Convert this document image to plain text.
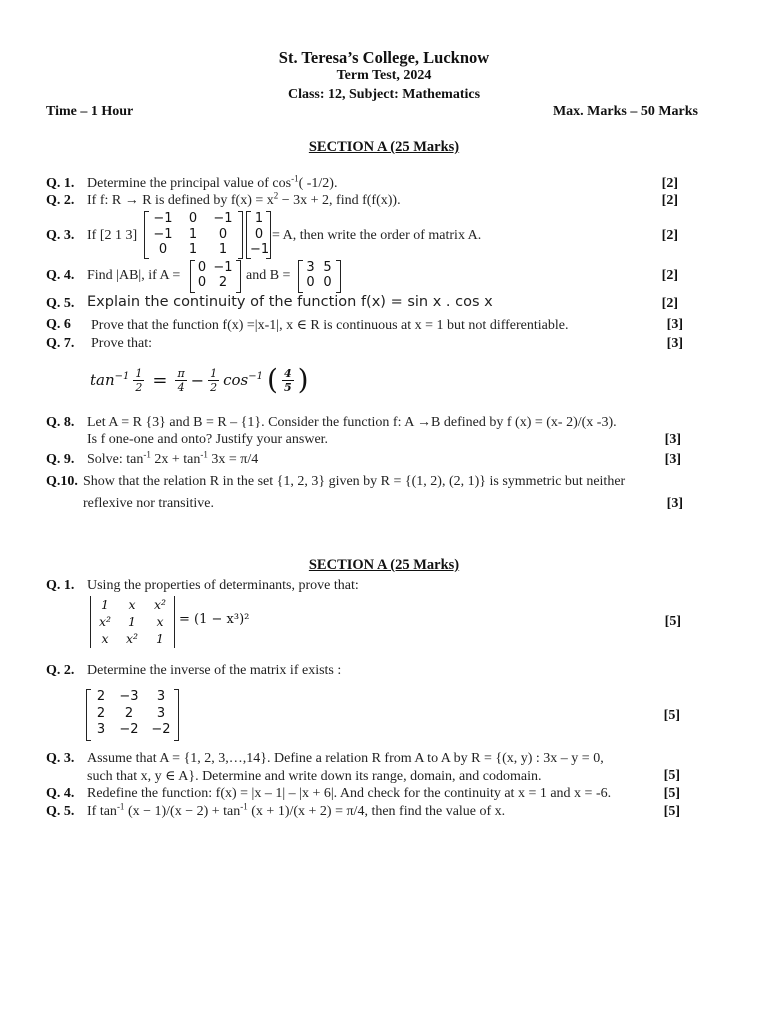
St. Teresa’s College, Lucknow
Term Test, 2024
Class: 12, Subject: Mathematics
Time – 1 Hour	Max. Marks – 50 Marks
SECTION A (25 Marks)
Q. 1. Determine the principal value of $\cos^{-1}$( -1/2).	[2]
Q. 2. If f: R → R is defined by $f(x) = x^2 - 3x + 2$, find f(f(x)).	[2]
Q. 3. If [2 1 3]
−1	0	−1
−1	1	0
0	1	1
1
0
−1
= A, then write the order of matrix A.	[2]
Q. 4. Find |AB|, if A =
0 −1
0 2	and B =
3 5
0 0	[2]
Q. 5. Explain the continuity of the function f(x) = sin x . cos x	[2]
Q. 6 Prove that the function f(x) =|x-1|, x ∈ R is continuous at x = 1 but not differentiable.	[3]
Q. 7. Prove that:	[3]
$\tan^{-1} \frac{1}{2} = \frac{\pi}{4} - \frac{1}{2} \cos^{-1}$ ( 4
5 )
Q. 8. Let A = R {3} and B = R – {1}. Consider the function f: A →B defined by f (x) = (x- 2)/(x -3).
Is f one-one and onto? Justify your answer.	[3]
Q. 9. Solve: $\tan^{-1} 2x + \tan^{-1} 3x = \pi/4$	[3]
Q.10. Show that the relation R in the set {1, 2, 3} given by R = {(1, 2), (2, 1)} is symmetric but neither
reflexive nor transitive.	[3]
SECTION A (25 Marks)
Q. 1. Using the properties of determinants, prove that:
1	x	x²
x²	1	x
x	x²	1
= (1 − x³)²	[5]
Q. 2. Determine the inverse of the matrix if exists :
2	−3	3
2	2	3
3	−2 −2
[5]
Q. 3. Assume that A = {1, 2, 3,…,14}. Define a relation R from A to A by R = {(x, y) : 3x – y = 0,
such that x, y ∈ A}. Determine and write down its range, domain, and codomain.	[5]
Q. 4. Redefine the function: f(x) = |x – 1| – |x + 6|. And check for the continuity at x = 1 and x = -6.	[5]
Q. 5. If $\tan^{-1} (x - 1)/(x - 2) + \tan^{-1} (x + 1)/(x + 2) = \pi/4$, then find the value of x.	[5]
